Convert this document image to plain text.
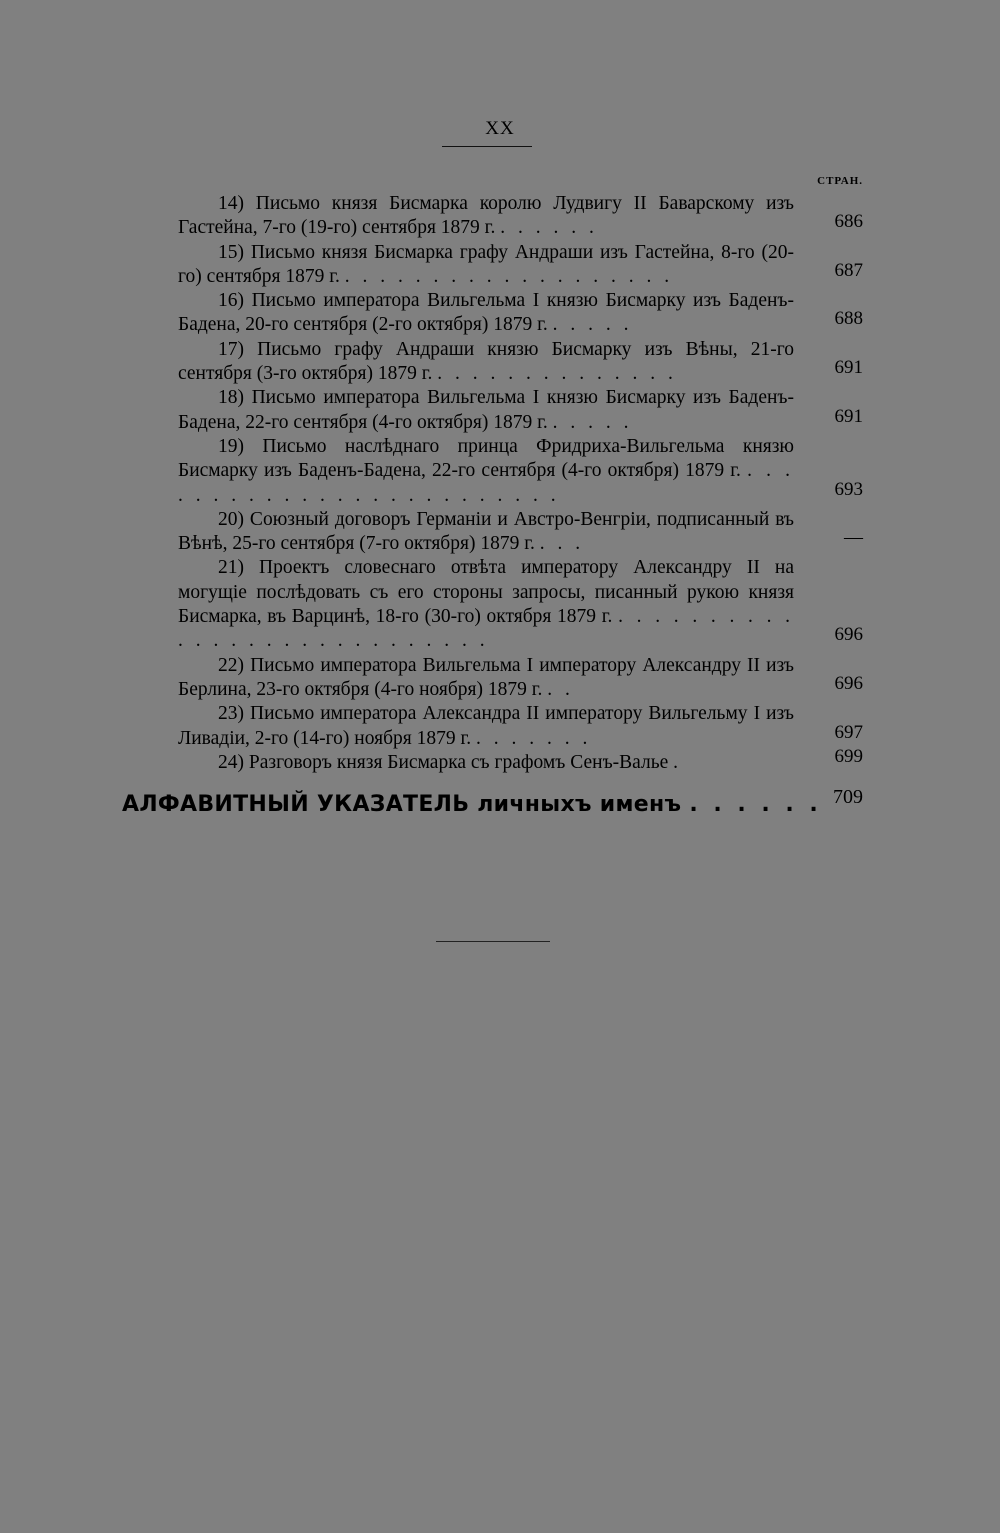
XX
СТРАН.
14) Письмо князя Бисмарка королю Лудвигу II Баварскому изъ Гастейна, 7-го (19-го) сентября 1879 г. . . . . . .	686
15) Письмо князя Бисмарка графу Андраши изъ Гастейна, 8-го (20-го) сентября 1879 г. . . . . . . . . . . . . . . . . . . .	687
16) Письмо императора Вильгельма I князю Бисмарку изъ Баденъ-Бадена, 20-го сентября (2-го октября) 1879 г. . . . . .	688
17) Письмо графу Андраши князю Бисмарку изъ Вѣны, 21-го сентября (3-го октября) 1879 г. . . . . . . . . . . . . . .	691
18) Письмо императора Вильгельма I князю Бисмарку изъ Баденъ-Бадена, 22-го сентября (4-го октября) 1879 г. . . . . .	691
19) Письмо наслѣднаго принца Фридриха-Вильгельма князю Бисмарку изъ Баденъ-Бадена, 22-го сентября (4-го октября) 1879 г. . . . . . . . . . . . . . . . . . . . . . . . . .	693
20) Союзный договоръ Германіи и Австро-Венгріи, подписанный въ Вѣнѣ, 25-го сентября (7-го октября) 1879 г. . . .	—
21) Проектъ словеснаго отвѣта императору Александру II на могущіе послѣдовать съ его стороны запросы, писанный рукою князя Бисмарка, въ Варцинѣ, 18-го (30-го) октября 1879 г. . . . . . . . . . . . . . . . . . . . . . . . . . . . .	696
22) Письмо императора Вильгельма I императору Александру II изъ Берлина, 23-го октября (4-го ноября) 1879 г. . .	696
23) Письмо императора Александра II императору Вильгельму I изъ Ливадіи, 2-го (14-го) ноября 1879 г. . . . . . . .	697
24) Разговоръ князя Бисмарка съ графомъ Сенъ-Валье .	699
АЛФАВИТНЫЙ УКАЗАТЕЛЬ личныхъ именъ . . . . . . 709
